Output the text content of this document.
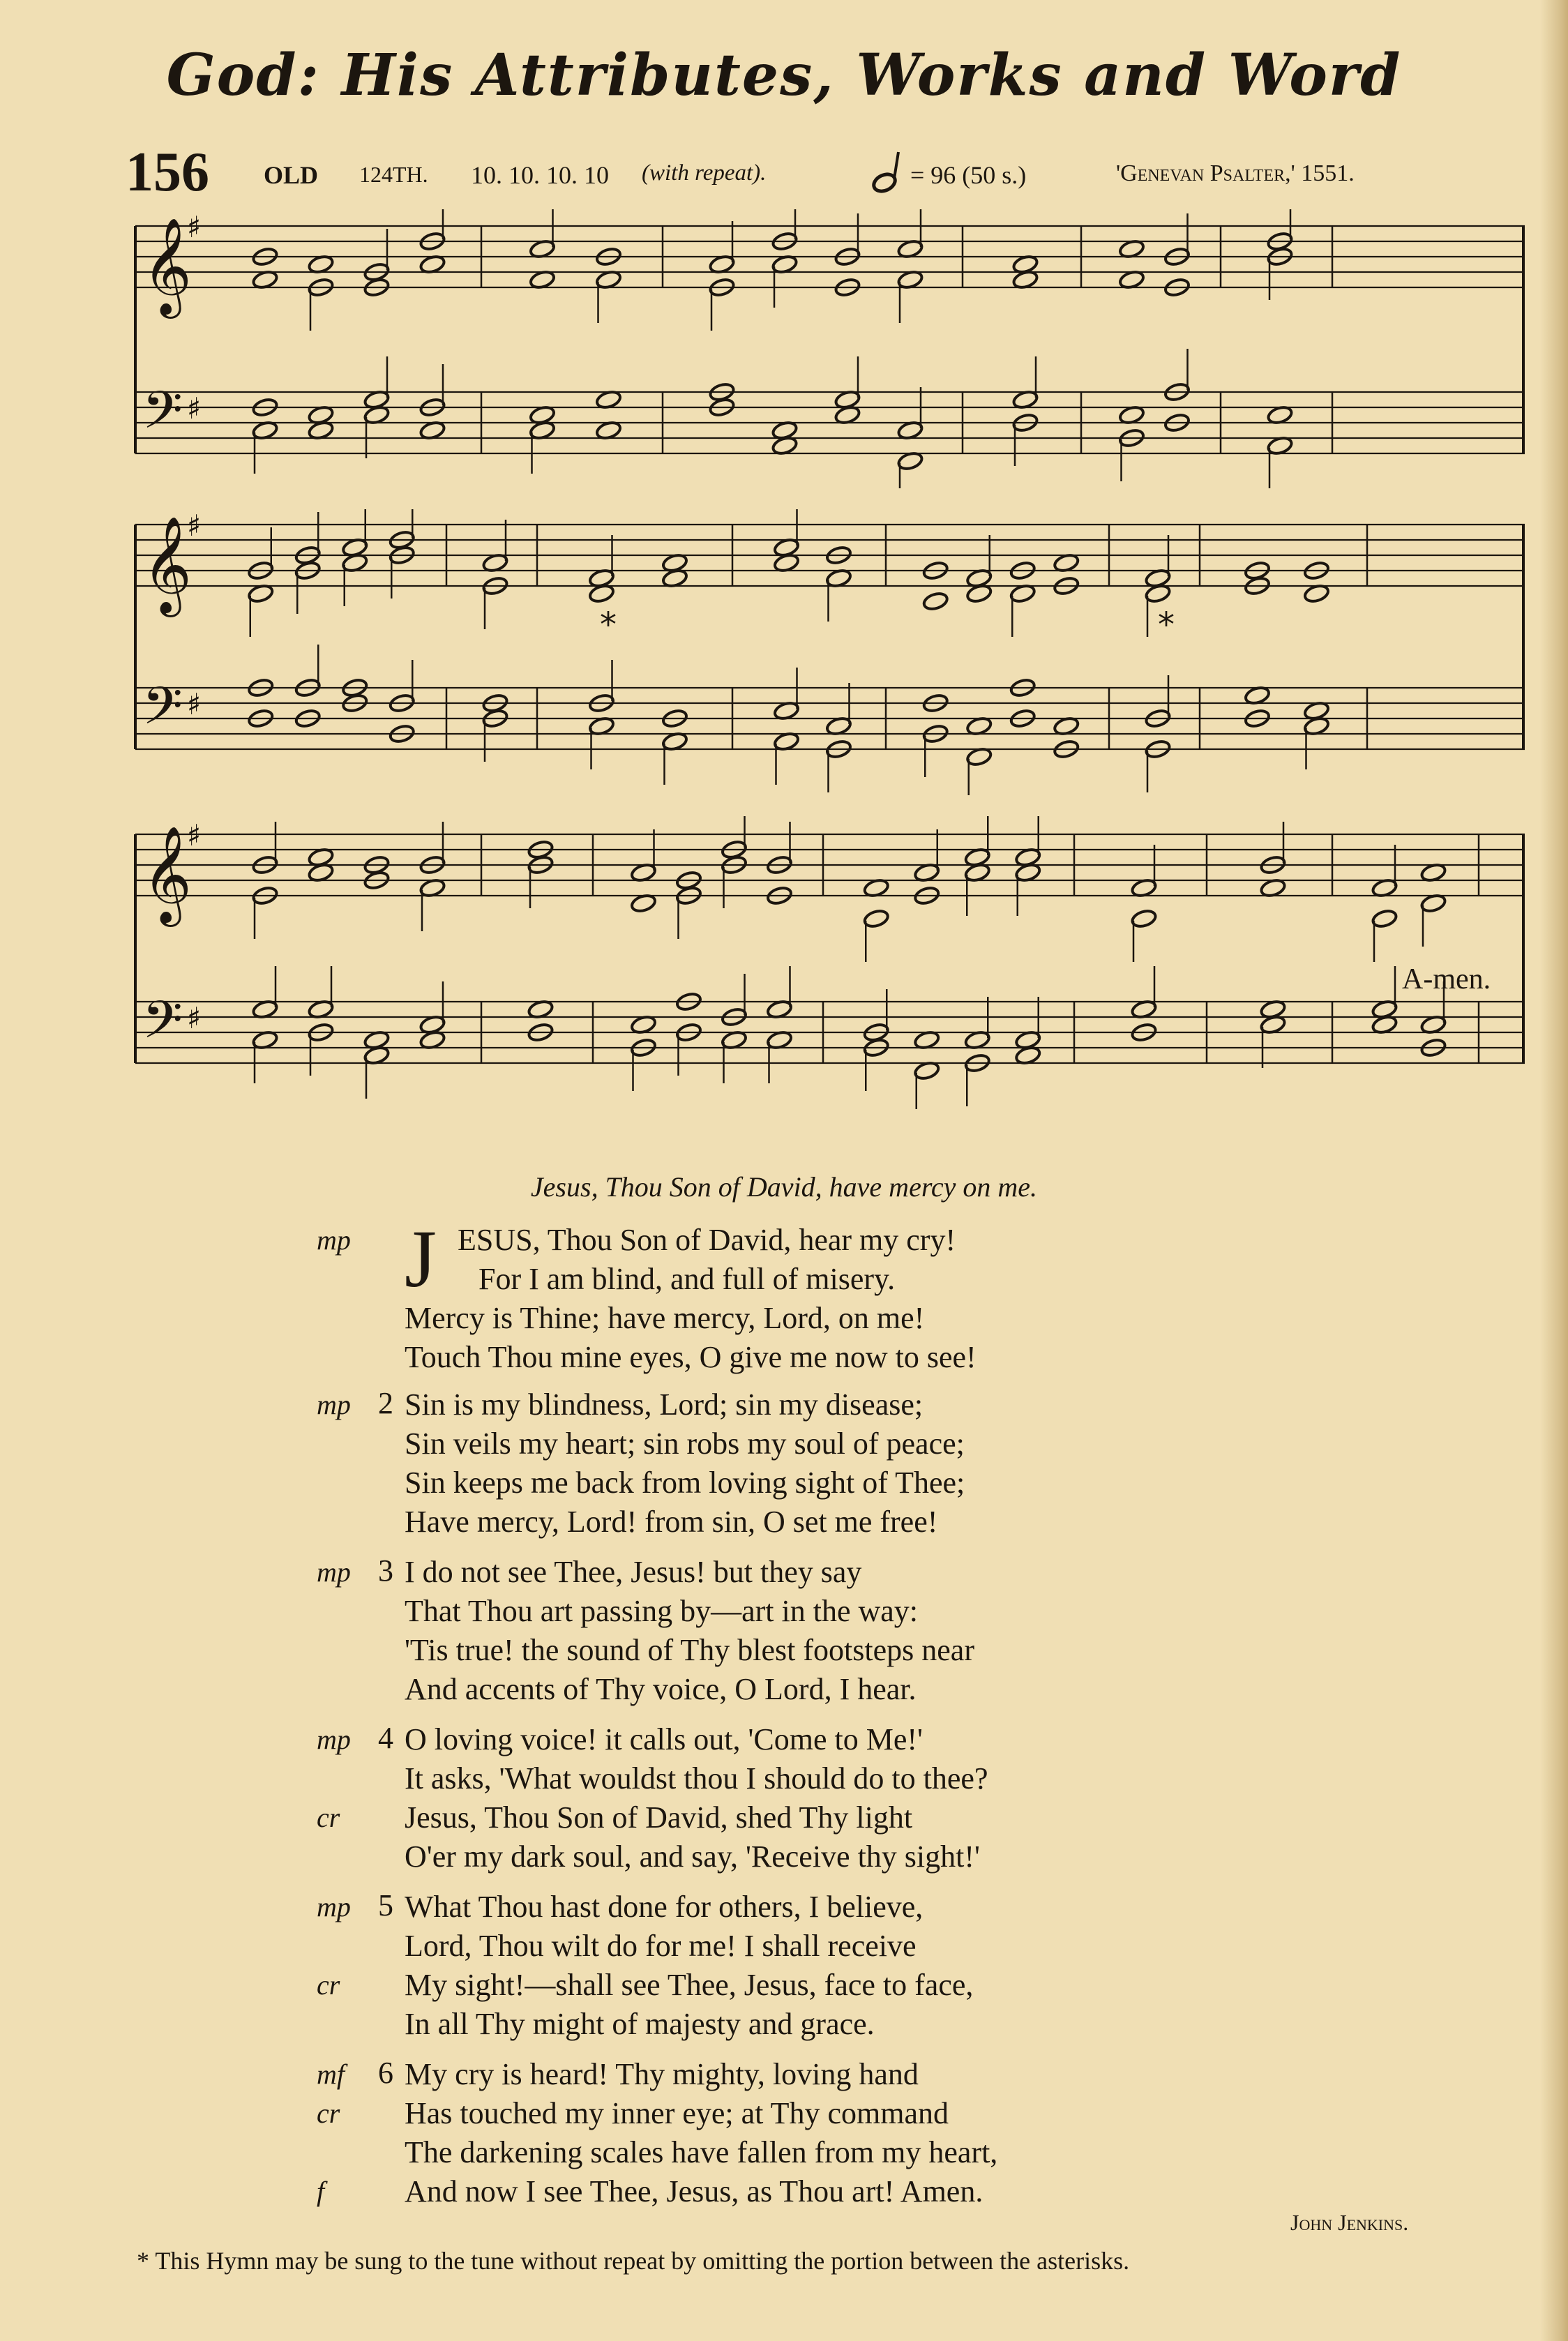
God: His Attributes, Works and Word
156 OLD 124TH. 10. 10. 10. 10 (with repeat).	= 96 (50 s.)	'Genevan Psalter,' 1551.
𝄞
𝄢
♯
♯
𝄞
𝄢
♯
♯
*	*
𝄞
𝄢
♯
♯
A-men.
Jesus, Thou Son of David, have mercy on me.
mp J ESUS, Thou Son of David, hear my cry!
For I am blind, and full of misery.
Mercy is Thine; have mercy, Lord, on me!
Touch Thou mine eyes, O give me now to see!
mp 2 Sin is my blindness, Lord; sin my disease;
Sin veils my heart; sin robs my soul of peace;
Sin keeps me back from loving sight of Thee;
Have mercy, Lord! from sin, O set me free!
mp 3 I do not see Thee, Jesus! but they say
That Thou art passing by—art in the way:
'Tis true! the sound of Thy blest footsteps near
And accents of Thy voice, O Lord, I hear.
mp 4 O loving voice! it calls out, 'Come to Me!'
It asks, 'What wouldst thou I should do to thee?
cr Jesus, Thou Son of David, shed Thy light
O'er my dark soul, and say, 'Receive thy sight!'
mp 5 What Thou hast done for others, I believe,
Lord, Thou wilt do for me! I shall receive
cr My sight!—shall see Thee, Jesus, face to face,
In all Thy might of majesty and grace.
mf 6 My cry is heard! Thy mighty, loving hand
cr Has touched my inner eye; at Thy command
The darkening scales have fallen from my heart,
f	And now I see Thee, Jesus, as Thou art! Amen.
John Jenkins.
* This Hymn may be sung to the tune without repeat by omitting the portion between the asterisks.
